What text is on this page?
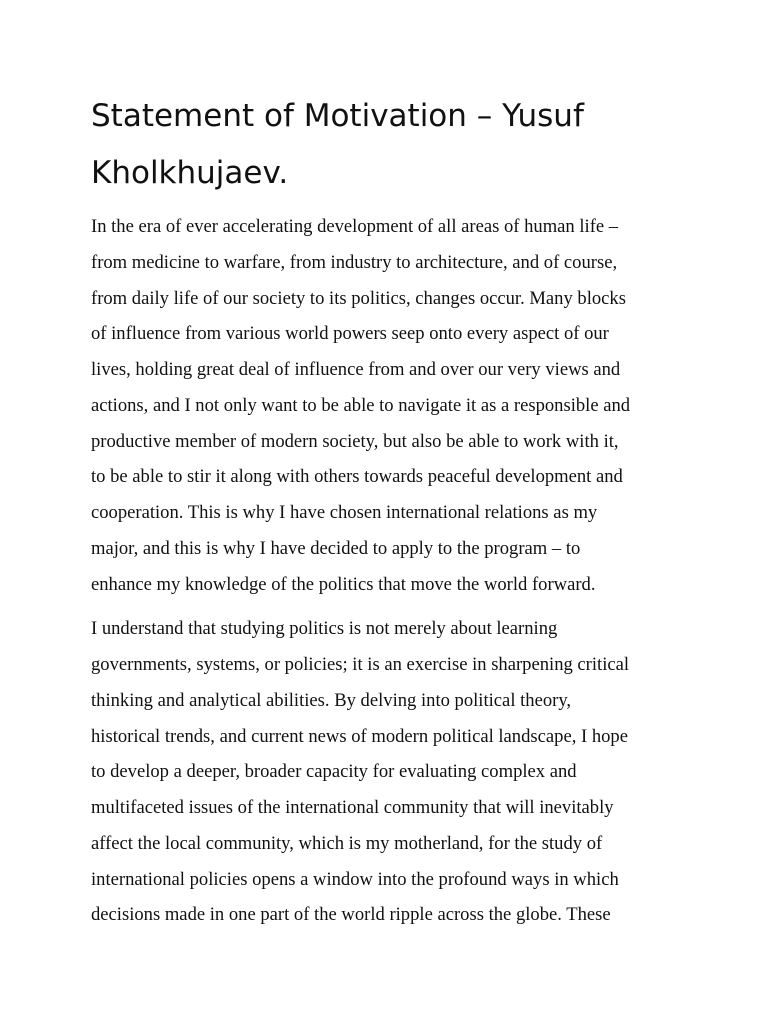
Statement of Motivation – Yusuf
Kholkhujaev.

In the era of ever accelerating development of all areas of human life –
from medicine to warfare, from industry to architecture, and of course,
from daily life of our society to its politics, changes occur. Many blocks
of influence from various world powers seep onto every aspect of our
lives, holding great deal of influence from and over our very views and
actions, and I not only want to be able to navigate it as a responsible and
productive member of modern society, but also be able to work with it,
to be able to stir it along with others towards peaceful development and
cooperation. This is why I have chosen international relations as my
major, and this is why I have decided to apply to the program – to
enhance my knowledge of the politics that move the world forward.

I understand that studying politics is not merely about learning
governments, systems, or policies; it is an exercise in sharpening critical
thinking and analytical abilities. By delving into political theory,
historical trends, and current news of modern political landscape, I hope
to develop a deeper, broader capacity for evaluating complex and
multifaceted issues of the international community that will inevitably
affect the local community, which is my motherland, for the study of
international policies opens a window into the profound ways in which
decisions made in one part of the world ripple across the globe. These
